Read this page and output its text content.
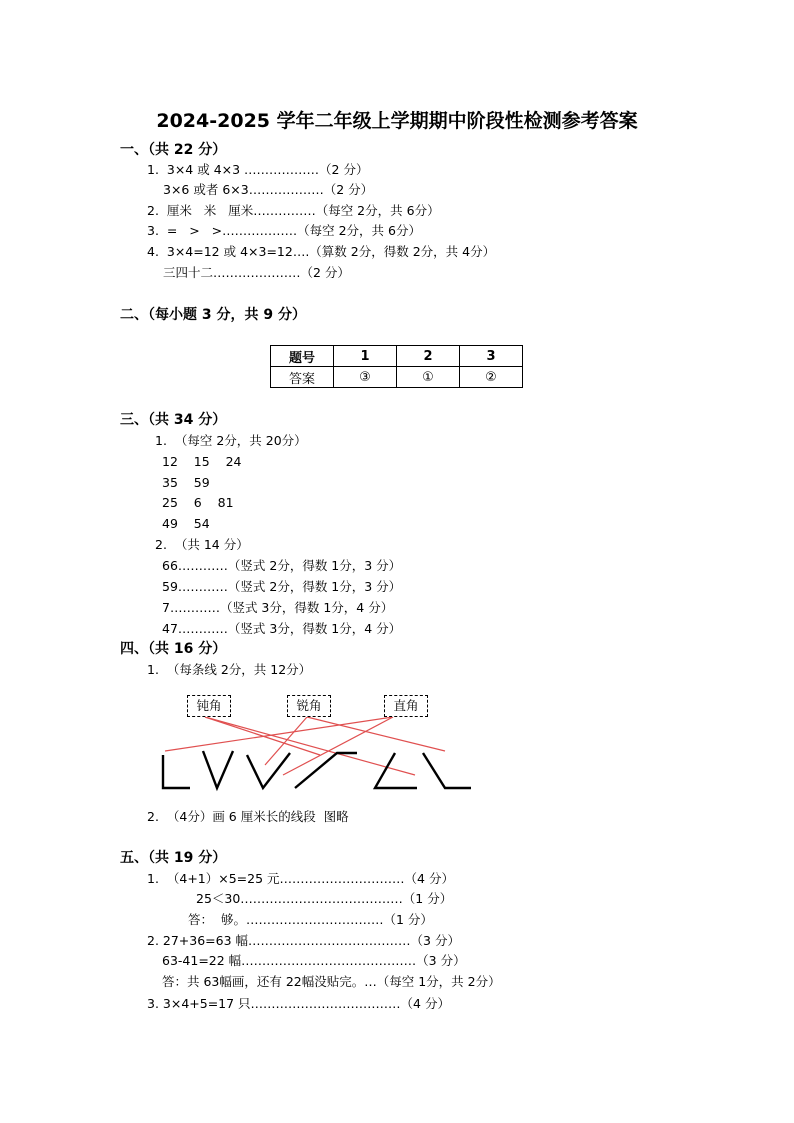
2024-2025 学年二年级上学期期中阶段性检测参考答案
一、（共 22 分）
1.  3×4 或 4×3 ………………（2 分）
3×6 或者 6×3………………（2 分）
2.  厘米   米   厘米……………（每空 2分，共 6分）
3.  =   >   >………………（每空 2分，共 6分）
4.  3×4=12 或 4×3=12….（算数 2分，得数 2分，共 4分）
三四十二…………………（2 分）
二、（每小题 3 分，共 9 分）
题号	1	2	3
答案	③	①	②
三、（共 34 分）
1.  （每空 2分，共 20分）
12    15    24
35    59
25    6    81
49    54
2.  （共 14 分）
66…………（竖式 2分，得数 1分，3 分）
59…………（竖式 2分，得数 1分，3 分）
7…………（竖式 3分，得数 1分，4 分）
47…………（竖式 3分，得数 1分，4 分）
四、（共 16 分）
1.  （每条线 2分，共 12分）
钝角	锐角	直角
2.  （4分）画 6 厘米长的线段  图略
五、（共 19 分）
1.  （4+1）×5=25 元…………………………（4 分）
25＜30…………………………………（1 分）
答：  够。……………………………（1 分）
2. 27+36=63 幅…………………………………（3 分）
63-41=22 幅……………………………………（3 分）
答：共 63幅画，还有 22幅没贴完。…（每空 1分，共 2分）
3. 3×4+5=17 只………………………………（4 分）
